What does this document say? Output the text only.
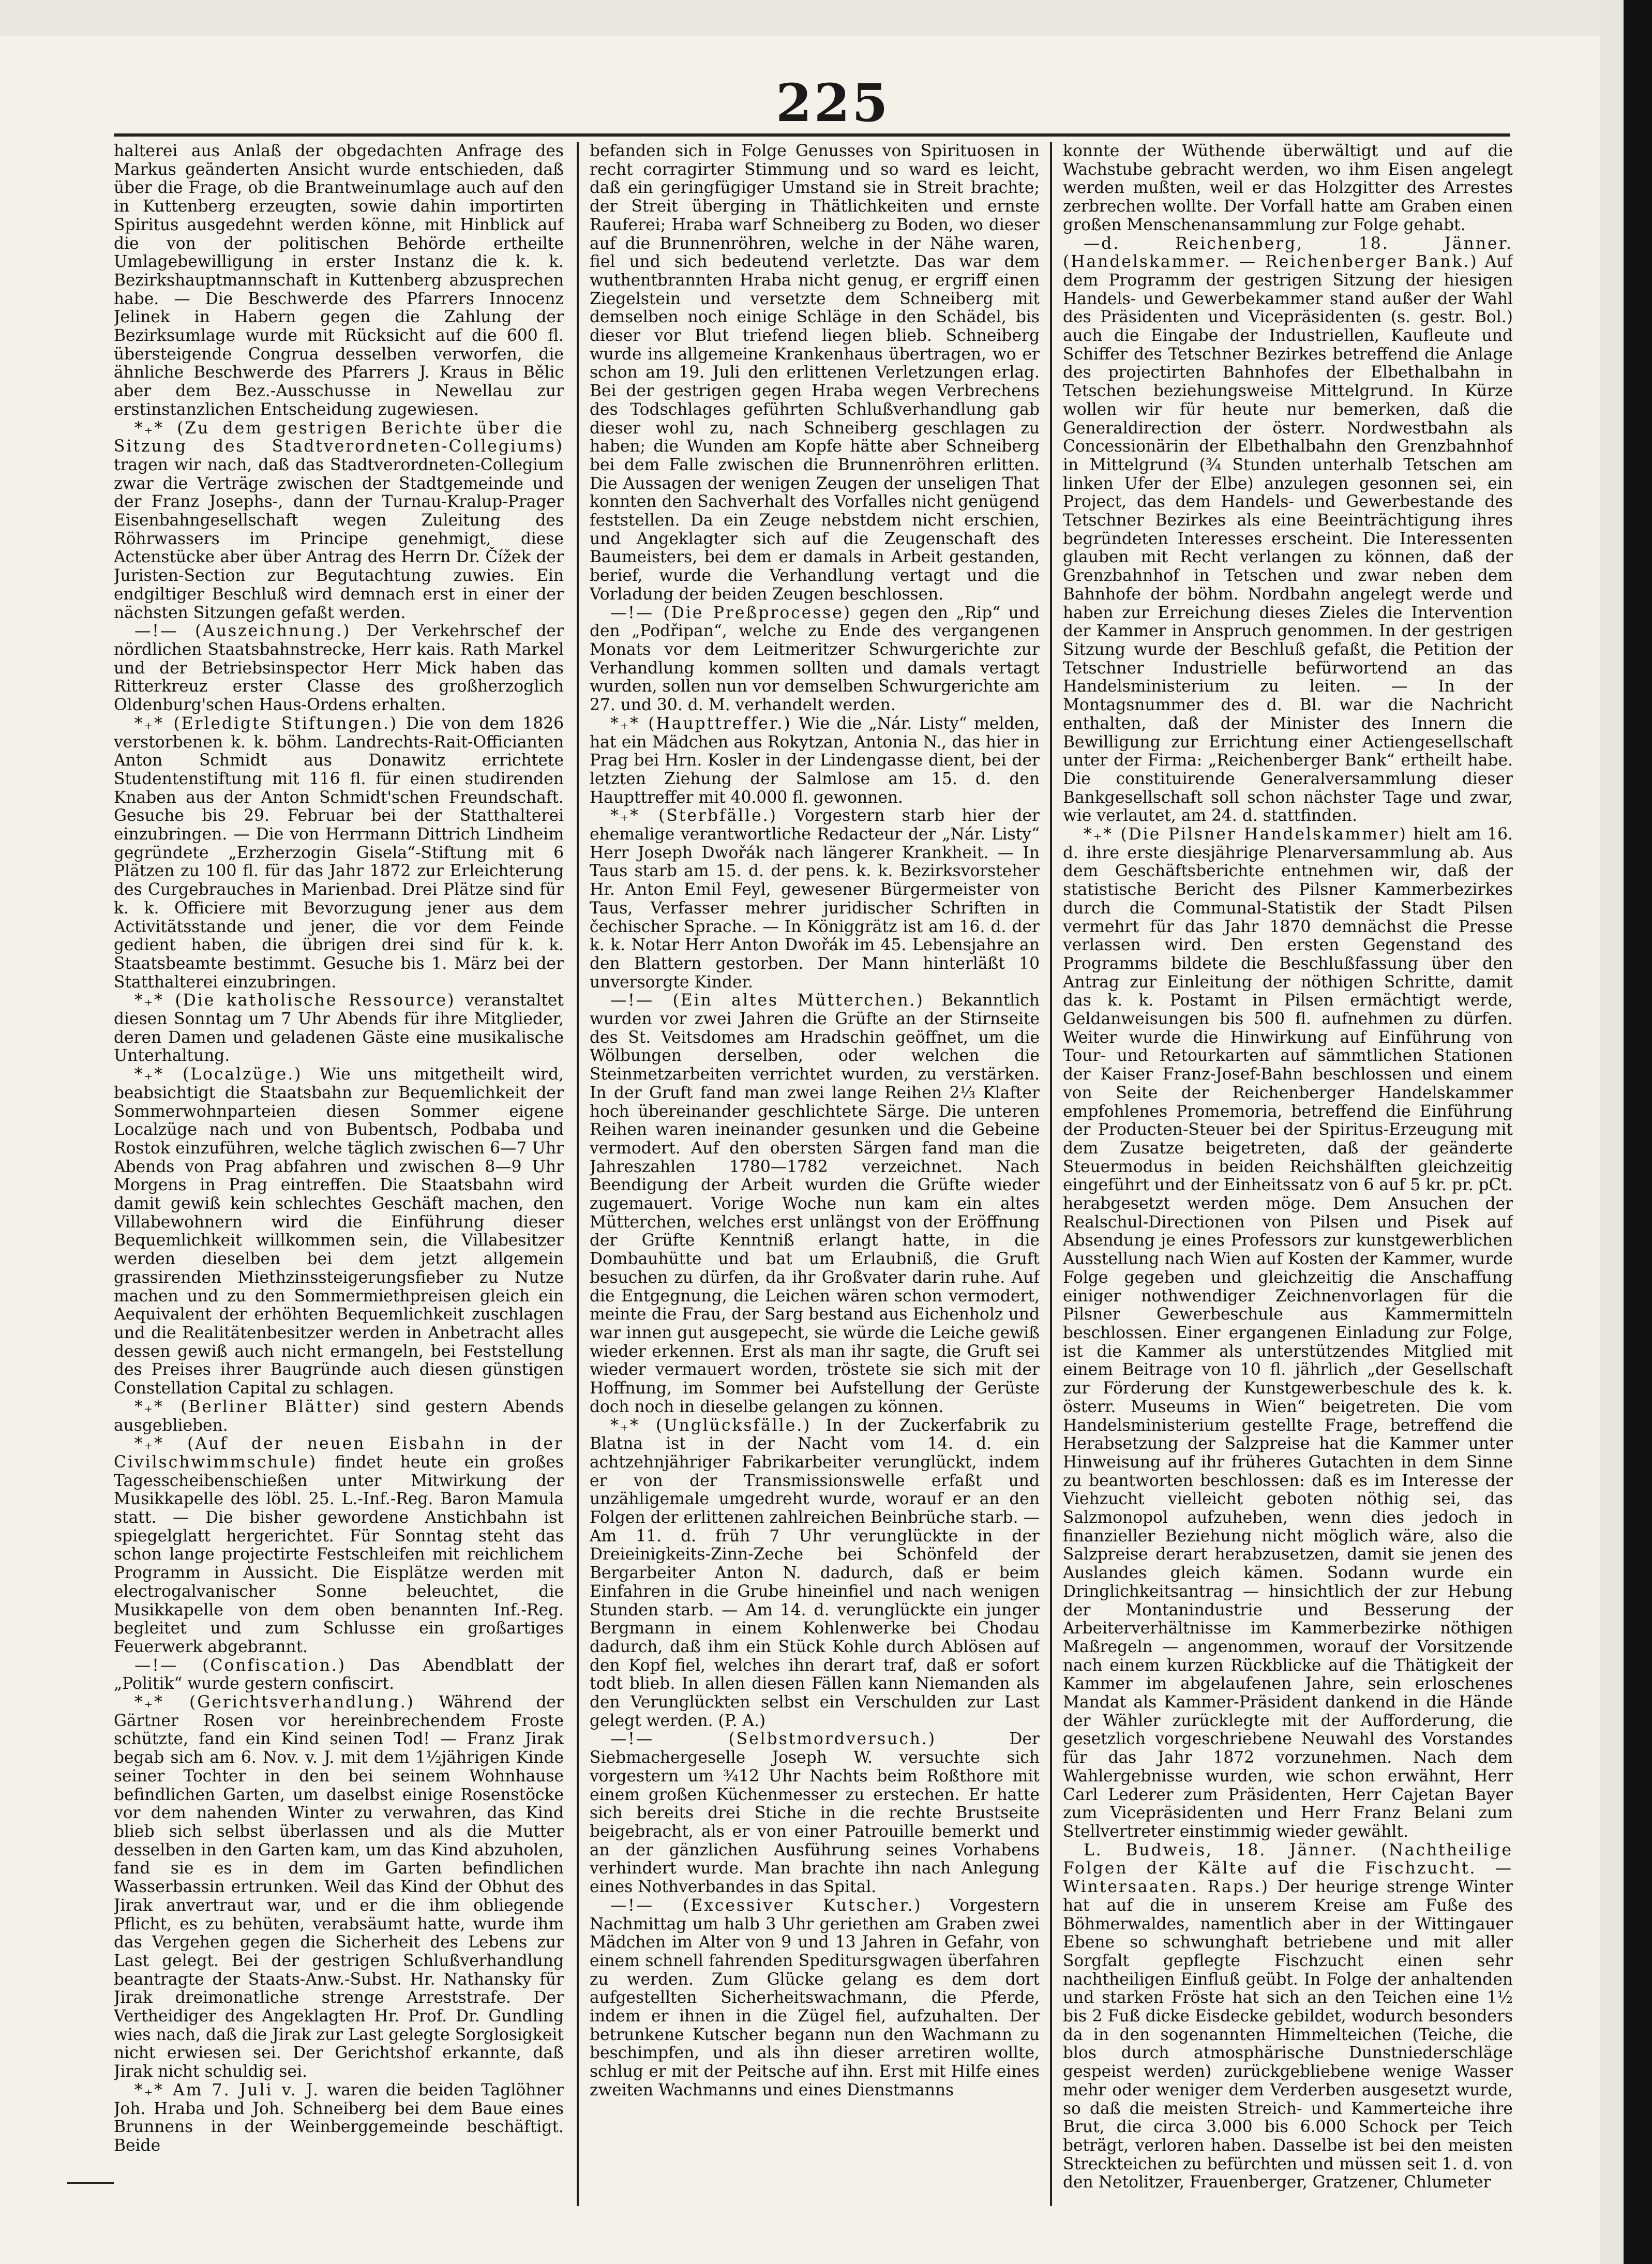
225

halterei aus Anlaß der obgedachten Anfrage des Markus geänderten Ansicht wurde entschieden, daß über die Frage, ob die Brantweinumlage auch auf den in Kuttenberg erzeugten, sowie dahin importirten Spiritus ausgedehnt werden könne, mit Hinblick auf die von der politischen Behörde ertheilte Umlagebewilligung in erster Instanz die k. k. Bezirkshauptmannschaft in Kuttenberg abzusprechen habe. — Die Beschwerde des Pfarrers Innocenz Jelinek in Habern gegen die Zahlung der Bezirksumlage wurde mit Rücksicht auf die 600 fl. übersteigende Congrua desselben verworfen, die ähnliche Beschwerde des Pfarrers J. Kraus in Bělic aber dem Bez.-Ausschusse in Newellau zur erstinstanzlichen Entscheidung zugewiesen.

*₊* (Zu dem gestrigen Berichte über die Sitzung des Stadtverordneten-Collegiums) tragen wir nach, daß das Stadtverordneten-Collegium zwar die Verträge zwischen der Stadtgemeinde und der Franz Josephs-, dann der Turnau-Kralup-Prager Eisenbahngesellschaft wegen Zuleitung des Röhrwassers im Principe genehmigt, diese Actenstücke aber über Antrag des Herrn Dr. Čížek der Juristen-Section zur Begutachtung zuwies. Ein endgiltiger Beschluß wird demnach erst in einer der nächsten Sitzungen gefaßt werden.

—!— (Auszeichnung.) Der Verkehrschef der nördlichen Staatsbahnstrecke, Herr kais. Rath Markel und der Betriebsinspector Herr Mick haben das Ritterkreuz erster Classe des großherzoglich Oldenburg'schen Haus-Ordens erhalten.

*₊* (Erledigte Stiftungen.) Die von dem 1826 verstorbenen k. k. böhm. Landrechts-Rait-Officianten Anton Schmidt aus Donawitz errichtete Studentenstiftung mit 116 fl. für einen studirenden Knaben aus der Anton Schmidt'schen Freundschaft. Gesuche bis 29. Februar bei der Statthalterei einzubringen. — Die von Herrmann Dittrich Lindheim gegründete „Erzherzogin Gisela“-Stiftung mit 6 Plätzen zu 100 fl. für das Jahr 1872 zur Erleichterung des Curgebrauches in Marienbad. Drei Plätze sind für k. k. Officiere mit Bevorzugung jener aus dem Activitätsstande und jener, die vor dem Feinde gedient haben, die übrigen drei sind für k. k. Staatsbeamte bestimmt. Gesuche bis 1. März bei der Statthalterei einzubringen.

*₊* (Die katholische Ressource) veranstaltet diesen Sonntag um 7 Uhr Abends für ihre Mitglieder, deren Damen und geladenen Gäste eine musikalische Unterhaltung.

*₊* (Localzüge.) Wie uns mitgetheilt wird, beabsichtigt die Staatsbahn zur Bequemlichkeit der Sommerwohnparteien diesen Sommer eigene Localzüge nach und von Bubentsch, Podbaba und Rostok einzuführen, welche täglich zwischen 6—7 Uhr Abends von Prag abfahren und zwischen 8—9 Uhr Morgens in Prag eintreffen. Die Staatsbahn wird damit gewiß kein schlechtes Geschäft machen, den Villabewohnern wird die Einführung dieser Bequemlichkeit willkommen sein, die Villabesitzer werden dieselben bei dem jetzt allgemein grassirenden Miethzinssteigerungsfieber zu Nutze machen und zu den Sommermiethpreisen gleich ein Aequivalent der erhöhten Bequemlichkeit zuschlagen und die Realitätenbesitzer werden in Anbetracht alles dessen gewiß auch nicht ermangeln, bei Feststellung des Preises ihrer Baugründe auch diesen günstigen Constellation Capital zu schlagen.

*₊* (Berliner Blätter) sind gestern Abends ausgeblieben.

*₊* (Auf der neuen Eisbahn in der Civilschwimmschule) findet heute ein großes Tagesscheibenschießen unter Mitwirkung der Musikkapelle des löbl. 25. L.-Inf.-Reg. Baron Mamula statt. — Die bisher gewordene Anstichbahn ist spiegelglatt hergerichtet. Für Sonntag steht das schon lange projectirte Festschleifen mit reichlichem Programm in Aussicht. Die Eisplätze werden mit electrogalvanischer Sonne beleuchtet, die Musikkapelle von dem oben benannten Inf.-Reg. begleitet und zum Schlusse ein großartiges Feuerwerk abgebrannt.

—!— (Confiscation.) Das Abendblatt der „Politik“ wurde gestern confiscirt.

*₊* (Gerichtsverhandlung.) Während der Gärtner Rosen vor hereinbrechendem Froste schützte, fand ein Kind seinen Tod! — Franz Jirak begab sich am 6. Nov. v. J. mit dem 1½jährigen Kinde seiner Tochter in den bei seinem Wohnhause befindlichen Garten, um daselbst einige Rosenstöcke vor dem nahenden Winter zu verwahren, das Kind blieb sich selbst überlassen und als die Mutter desselben in den Garten kam, um das Kind abzuholen, fand sie es in dem im Garten befindlichen Wasserbassin ertrunken. Weil das Kind der Obhut des Jirak anvertraut war, und er die ihm obliegende Pflicht, es zu behüten, verabsäumt hatte, wurde ihm das Vergehen gegen die Sicherheit des Lebens zur Last gelegt. Bei der gestrigen Schlußverhandlung beantragte der Staats-Anw.-Subst. Hr. Nathansky für Jirak dreimonatliche strenge Arreststrafe. Der Vertheidiger des Angeklagten Hr. Prof. Dr. Gundling wies nach, daß die Jirak zur Last gelegte Sorglosigkeit nicht erwiesen sei. Der Gerichtshof erkannte, daß Jirak nicht schuldig sei.

*₊* Am 7. Juli v. J. waren die beiden Taglöhner Joh. Hraba und Joh. Schneiberg bei dem Baue eines Brunnens in der Weinberggemeinde beschäftigt. Beide

befanden sich in Folge Genusses von Spirituosen in recht corragirter Stimmung und so ward es leicht, daß ein geringfügiger Umstand sie in Streit brachte; der Streit überging in Thätlichkeiten und ernste Rauferei; Hraba warf Schneiberg zu Boden, wo dieser auf die Brunnenröhren, welche in der Nähe waren, fiel und sich bedeutend verletzte. Das war dem wuthentbrannten Hraba nicht genug, er ergriff einen Ziegelstein und versetzte dem Schneiberg mit demselben noch einige Schläge in den Schädel, bis dieser vor Blut triefend liegen blieb. Schneiberg wurde ins allgemeine Krankenhaus übertragen, wo er schon am 19. Juli den erlittenen Verletzungen erlag. Bei der gestrigen gegen Hraba wegen Verbrechens des Todschlages geführten Schlußverhandlung gab dieser wohl zu, nach Schneiberg geschlagen zu haben; die Wunden am Kopfe hätte aber Schneiberg bei dem Falle zwischen die Brunnenröhren erlitten. Die Aussagen der wenigen Zeugen der unseligen That konnten den Sachverhalt des Vorfalles nicht genügend feststellen. Da ein Zeuge nebstdem nicht erschien, und Angeklagter sich auf die Zeugenschaft des Baumeisters, bei dem er damals in Arbeit gestanden, berief, wurde die Verhandlung vertagt und die Vorladung der beiden Zeugen beschlossen.

—!— (Die Preßprocesse) gegen den „Rip“ und den „Podřipan“, welche zu Ende des vergangenen Monats vor dem Leitmeritzer Schwurgerichte zur Verhandlung kommen sollten und damals vertagt wurden, sollen nun vor demselben Schwurgerichte am 27. und 30. d. M. verhandelt werden.

*₊* (Haupttreffer.) Wie die „Nár. Listy“ melden, hat ein Mädchen aus Rokytzan, Antonia N., das hier in Prag bei Hrn. Kosler in der Lindengasse dient, bei der letzten Ziehung der Salmlose am 15. d. den Haupttreffer mit 40.000 fl. gewonnen.

*₊* (Sterbfälle.) Vorgestern starb hier der ehemalige verantwortliche Redacteur der „Nár. Listy“ Herr Joseph Dwořák nach längerer Krankheit. — In Taus starb am 15. d. der pens. k. k. Bezirksvorsteher Hr. Anton Emil Feyl, gewesener Bürgermeister von Taus, Verfasser mehrer juridischer Schriften in čechischer Sprache. — In Königgrätz ist am 16. d. der k. k. Notar Herr Anton Dwořák im 45. Lebensjahre an den Blattern gestorben. Der Mann hinterläßt 10 unversorgte Kinder.

—!— (Ein altes Mütterchen.) Bekanntlich wurden vor zwei Jahren die Grüfte an der Stirnseite des St. Veitsdomes am Hradschin geöffnet, um die Wölbungen derselben, oder welchen die Steinmetzarbeiten verrichtet wurden, zu verstärken. In der Gruft fand man zwei lange Reihen 2⅓ Klafter hoch übereinander geschlichtete Särge. Die unteren Reihen waren ineinander gesunken und die Gebeine vermodert. Auf den obersten Särgen fand man die Jahreszahlen 1780—1782 verzeichnet. Nach Beendigung der Arbeit wurden die Grüfte wieder zugemauert. Vorige Woche nun kam ein altes Mütterchen, welches erst unlängst von der Eröffnung der Grüfte Kenntniß erlangt hatte, in die Dombauhütte und bat um Erlaubniß, die Gruft besuchen zu dürfen, da ihr Großvater darin ruhe. Auf die Entgegnung, die Leichen wären schon vermodert, meinte die Frau, der Sarg bestand aus Eichenholz und war innen gut ausgepecht, sie würde die Leiche gewiß wieder erkennen. Erst als man ihr sagte, die Gruft sei wieder vermauert worden, tröstete sie sich mit der Hoffnung, im Sommer bei Aufstellung der Gerüste doch noch in dieselbe gelangen zu können.

*₊* (Unglücksfälle.) In der Zuckerfabrik zu Blatna ist in der Nacht vom 14. d. ein achtzehnjähriger Fabrikarbeiter verunglückt, indem er von der Transmissionswelle erfaßt und unzähligemale umgedreht wurde, worauf er an den Folgen der erlittenen zahlreichen Beinbrüche starb. — Am 11. d. früh 7 Uhr verunglückte in der Dreieinigkeits-Zinn-Zeche bei Schönfeld der Bergarbeiter Anton N. dadurch, daß er beim Einfahren in die Grube hineinfiel und nach wenigen Stunden starb. — Am 14. d. verunglückte ein junger Bergmann in einem Kohlenwerke bei Chodau dadurch, daß ihm ein Stück Kohle durch Ablösen auf den Kopf fiel, welches ihn derart traf, daß er sofort todt blieb. In allen diesen Fällen kann Niemanden als den Verunglückten selbst ein Verschulden zur Last gelegt werden. (P. A.)

—!— (Selbstmordversuch.)	Der Siebmachergeselle Joseph W. versuchte sich vorgestern um ³⁄₄12 Uhr Nachts beim Roßthore mit einem großen Küchenmesser zu erstechen. Er hatte sich bereits drei Stiche in die rechte Brustseite beigebracht, als er von einer Patrouille bemerkt und an der gänzlichen Ausführung seines Vorhabens verhindert wurde. Man brachte ihn nach Anlegung eines Nothverbandes in das Spital.

—!— (Excessiver Kutscher.) Vorgestern Nachmittag um halb 3 Uhr geriethen am Graben zwei Mädchen im Alter von 9 und 13 Jahren in Gefahr, von einem schnell fahrenden Speditursgwagen überfahren zu werden. Zum Glücke gelang es dem dort aufgestellten Sicherheitswachmann, die Pferde, indem er ihnen in die Zügel fiel, aufzuhalten. Der betrunkene Kutscher begann nun den Wachmann zu beschimpfen, und als ihn dieser arretiren wollte, schlug er mit der Peitsche auf ihn. Erst mit Hilfe eines zweiten Wachmanns und eines Dienstmanns

konnte der Wüthende überwältigt und auf die Wachstube gebracht werden, wo ihm Eisen angelegt werden mußten, weil er das Holzgitter des Arrestes zerbrechen wollte. Der Vorfall hatte am Graben einen großen Menschenansammlung zur Folge gehabt.

—d. Reichenberg, 18. Jänner. (Handelskammer. — Reichenberger Bank.) Auf dem Programm der gestrigen Sitzung der hiesigen Handels- und Gewerbekammer stand außer der Wahl des Präsidenten und Vicepräsidenten (s. gestr. Bol.) auch die Eingabe der Industriellen, Kaufleute und Schiffer des Tetschner Bezirkes betreffend die Anlage des projectirten Bahnhofes der Elbethalbahn in Tetschen beziehungsweise Mittelgrund. In Kürze wollen wir für heute nur bemerken, daß die Generaldirection der österr. Nordwestbahn als Concessionärin der Elbethalbahn den Grenzbahnhof in Mittelgrund (¾ Stunden unterhalb Tetschen am linken Ufer der Elbe) anzulegen gesonnen sei, ein Project, das dem Handels- und Gewerbestande des Tetschner Bezirkes als eine Beeinträchtigung ihres begründeten Interesses erscheint. Die Interessenten glauben mit Recht verlangen zu können, daß der Grenzbahnhof in Tetschen und zwar neben dem Bahnhofe der böhm. Nordbahn angelegt werde und haben zur Erreichung dieses Zieles die Intervention der Kammer in Anspruch genommen. In der gestrigen Sitzung wurde der Beschluß gefaßt, die Petition der Tetschner Industrielle befürwortend an das Handelsministerium zu leiten. — In der Montagsnummer des d. Bl. war die Nachricht enthalten, daß der Minister des Innern die Bewilligung zur Errichtung einer Actiengesellschaft unter der Firma: „Reichenberger Bank“ ertheilt habe. Die constituirende Generalversammlung dieser Bankgesellschaft soll schon nächster Tage und zwar, wie verlautet, am 24. d. stattfinden.

*₊* (Die Pilsner Handelskammer) hielt am 16. d. ihre erste diesjährige Plenarversammlung ab. Aus dem Geschäftsberichte entnehmen wir, daß der statistische Bericht des Pilsner Kammerbezirkes durch die Communal-Statistik der Stadt Pilsen vermehrt für das Jahr 1870 demnächst die Presse verlassen wird. Den ersten Gegenstand des Programms bildete die Beschlußfassung über den Antrag zur Einleitung der nöthigen Schritte, damit das k. k. Postamt in Pilsen ermächtigt werde, Geldanweisungen bis 500 fl. aufnehmen zu dürfen. Weiter wurde die Hinwirkung auf Einführung von Tour- und Retourkarten auf sämmtlichen Stationen der Kaiser Franz-Josef-Bahn beschlossen und einem von Seite der Reichenberger Handelskammer empfohlenes Promemoria, betreffend die Einführung der Producten-Steuer bei der Spiritus-Erzeugung mit dem Zusatze beigetreten, daß der geänderte Steuermodus in beiden Reichshälften gleichzeitig eingeführt und der Einheitssatz von 6 auf 5 kr. pr. pCt. herabgesetzt werden möge. Dem Ansuchen der Realschul-Directionen von Pilsen und Pisek auf Absendung je eines Professors zur kunstgewerblichen Ausstellung nach Wien auf Kosten der Kammer, wurde Folge gegeben und gleichzeitig die Anschaffung einiger nothwendiger Zeichnenvorlagen für die Pilsner Gewerbeschule aus Kammermitteln beschlossen. Einer ergangenen Einladung zur Folge, ist die Kammer als unterstützendes Mitglied mit einem Beitrage von 10 fl. jährlich „der Gesellschaft zur Förderung der Kunstgewerbeschule des k. k. österr. Museums in Wien“ beigetreten. Die vom Handelsministerium gestellte Frage, betreffend die Herabsetzung der Salzpreise hat die Kammer unter Hinweisung auf ihr früheres Gutachten in dem Sinne zu beantworten beschlossen: daß es im Interesse der Viehzucht vielleicht geboten nöthig sei, das Salzmonopol aufzuheben, wenn dies jedoch in finanzieller Beziehung nicht möglich wäre, also die Salzpreise derart herabzusetzen, damit sie jenen des Auslandes gleich kämen. Sodann wurde ein Dringlichkeitsantrag — hinsichtlich der zur Hebung der Montanindustrie und Besserung der Arbeiterverhältnisse im Kammerbezirke nöthigen Maßregeln — angenommen, worauf der Vorsitzende nach einem kurzen Rückblicke auf die Thätigkeit der Kammer im abgelaufenen Jahre, sein erloschenes Mandat als Kammer-Präsident dankend in die Hände der Wähler zurücklegte mit der Aufforderung, die gesetzlich vorgeschriebene Neuwahl des Vorstandes für das Jahr 1872 vorzunehmen. Nach dem Wahlergebnisse wurden, wie schon erwähnt, Herr Carl Lederer zum Präsidenten, Herr Cajetan Bayer zum Vicepräsidenten und Herr Franz Belani zum Stellvertreter einstimmig wieder gewählt.

L. Budweis, 18. Jänner. (Nachtheilige Folgen der Kälte auf die Fischzucht. — Wintersaaten. Raps.) Der heurige strenge Winter hat auf die in unserem Kreise am Fuße des Böhmerwaldes, namentlich aber in der Wittingauer Ebene so schwunghaft betriebene und mit aller Sorgfalt gepflegte Fischzucht einen sehr nachtheiligen Einfluß geübt. In Folge der anhaltenden und starken Fröste hat sich an den Teichen eine 1½ bis 2 Fuß dicke Eisdecke gebildet, wodurch besonders da in den sogenannten Himmelteichen (Teiche, die blos durch atmosphärische Dunstniederschläge gespeist werden) zurückgebliebene wenige Wasser mehr oder weniger dem Verderben ausgesetzt wurde, so daß die meisten Streich- und Kammerteiche ihre Brut, die circa 3.000 bis 6.000 Schock per Teich beträgt, verloren haben. Dasselbe ist bei den meisten Streckteichen zu befürchten und müssen seit 1. d. von den Netolitzer, Frauenberger, Gratzener, Chlumeter
